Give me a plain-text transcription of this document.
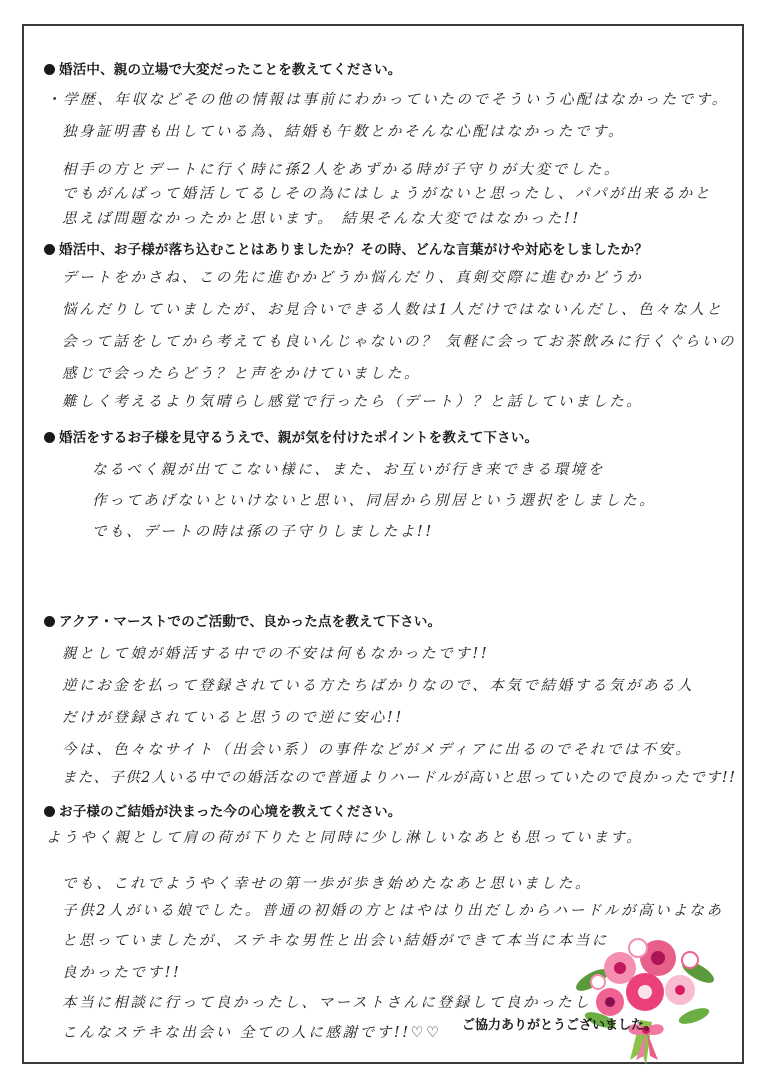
婚活中、親の立場で大変だったことを教えてください。
・学歴、年収などその他の情報は事前にわかっていたのでそういう心配はなかったです。
独身証明書も出している為、結婚も午数とかそんな心配はなかったです。
相手の方とデートに行く時に孫2人をあずかる時が子守りが大変でした。
でもがんばって婚活してるしその為にはしょうがないと思ったし、パパが出来るかと
思えば問題なかったかと思います。 結果そんな大変ではなかった!!
婚活中、お子様が落ち込むことはありましたか？その時、どんな言葉がけや対応をしましたか？
デートをかさね、この先に進むかどうか悩んだり、真剣交際に進むかどうか
悩んだりしていましたが、お見合いできる人数は1人だけではないんだし、色々な人と
会って話をしてから考えても良いんじゃないの？ 気軽に会ってお茶飲みに行くぐらいの
感じで会ったらどう？と声をかけていました。
難しく考えるより気晴らし感覚で行ったら（デート）？と話していました。
婚活をするお子様を見守るうえで、親が気を付けたポイントを教えて下さい。
なるべく親が出てこない様に、また、お互いが行き来できる環境を
作ってあげないといけないと思い、同居から別居という選択をしました。
でも、デートの時は孫の子守りしましたよ!!
アクア・マーストでのご活動で、良かった点を教えて下さい。
親として娘が婚活する中での不安は何もなかったです!!
逆にお金を払って登録されている方たちばかりなので、本気で結婚する気がある人
だけが登録されていると思うので逆に安心!!
今は、色々なサイト（出会い系）の事件などがメディアに出るのでそれでは不安。
また、子供2人いる中での婚活なので普通よりハードルが高いと思っていたので良かったです!!
お子様のご結婚が決まった今の心境を教えてください。
ようやく親として肩の荷が下りたと同時に少し淋しいなあとも思っています。
でも、これでようやく幸せの第一歩が歩き始めたなあと思いました。
子供2人がいる娘でした。普通の初婚の方とはやはり出だしからハードルが高いよなあ
と思っていましたが、ステキな男性と出会い結婚ができて本当に本当に
良かったです!!
本当に相談に行って良かったし、マーストさんに登録して良かったし
こんなステキな出会い 全ての人に感謝です!!♡♡ ご協力ありがとうございました。
